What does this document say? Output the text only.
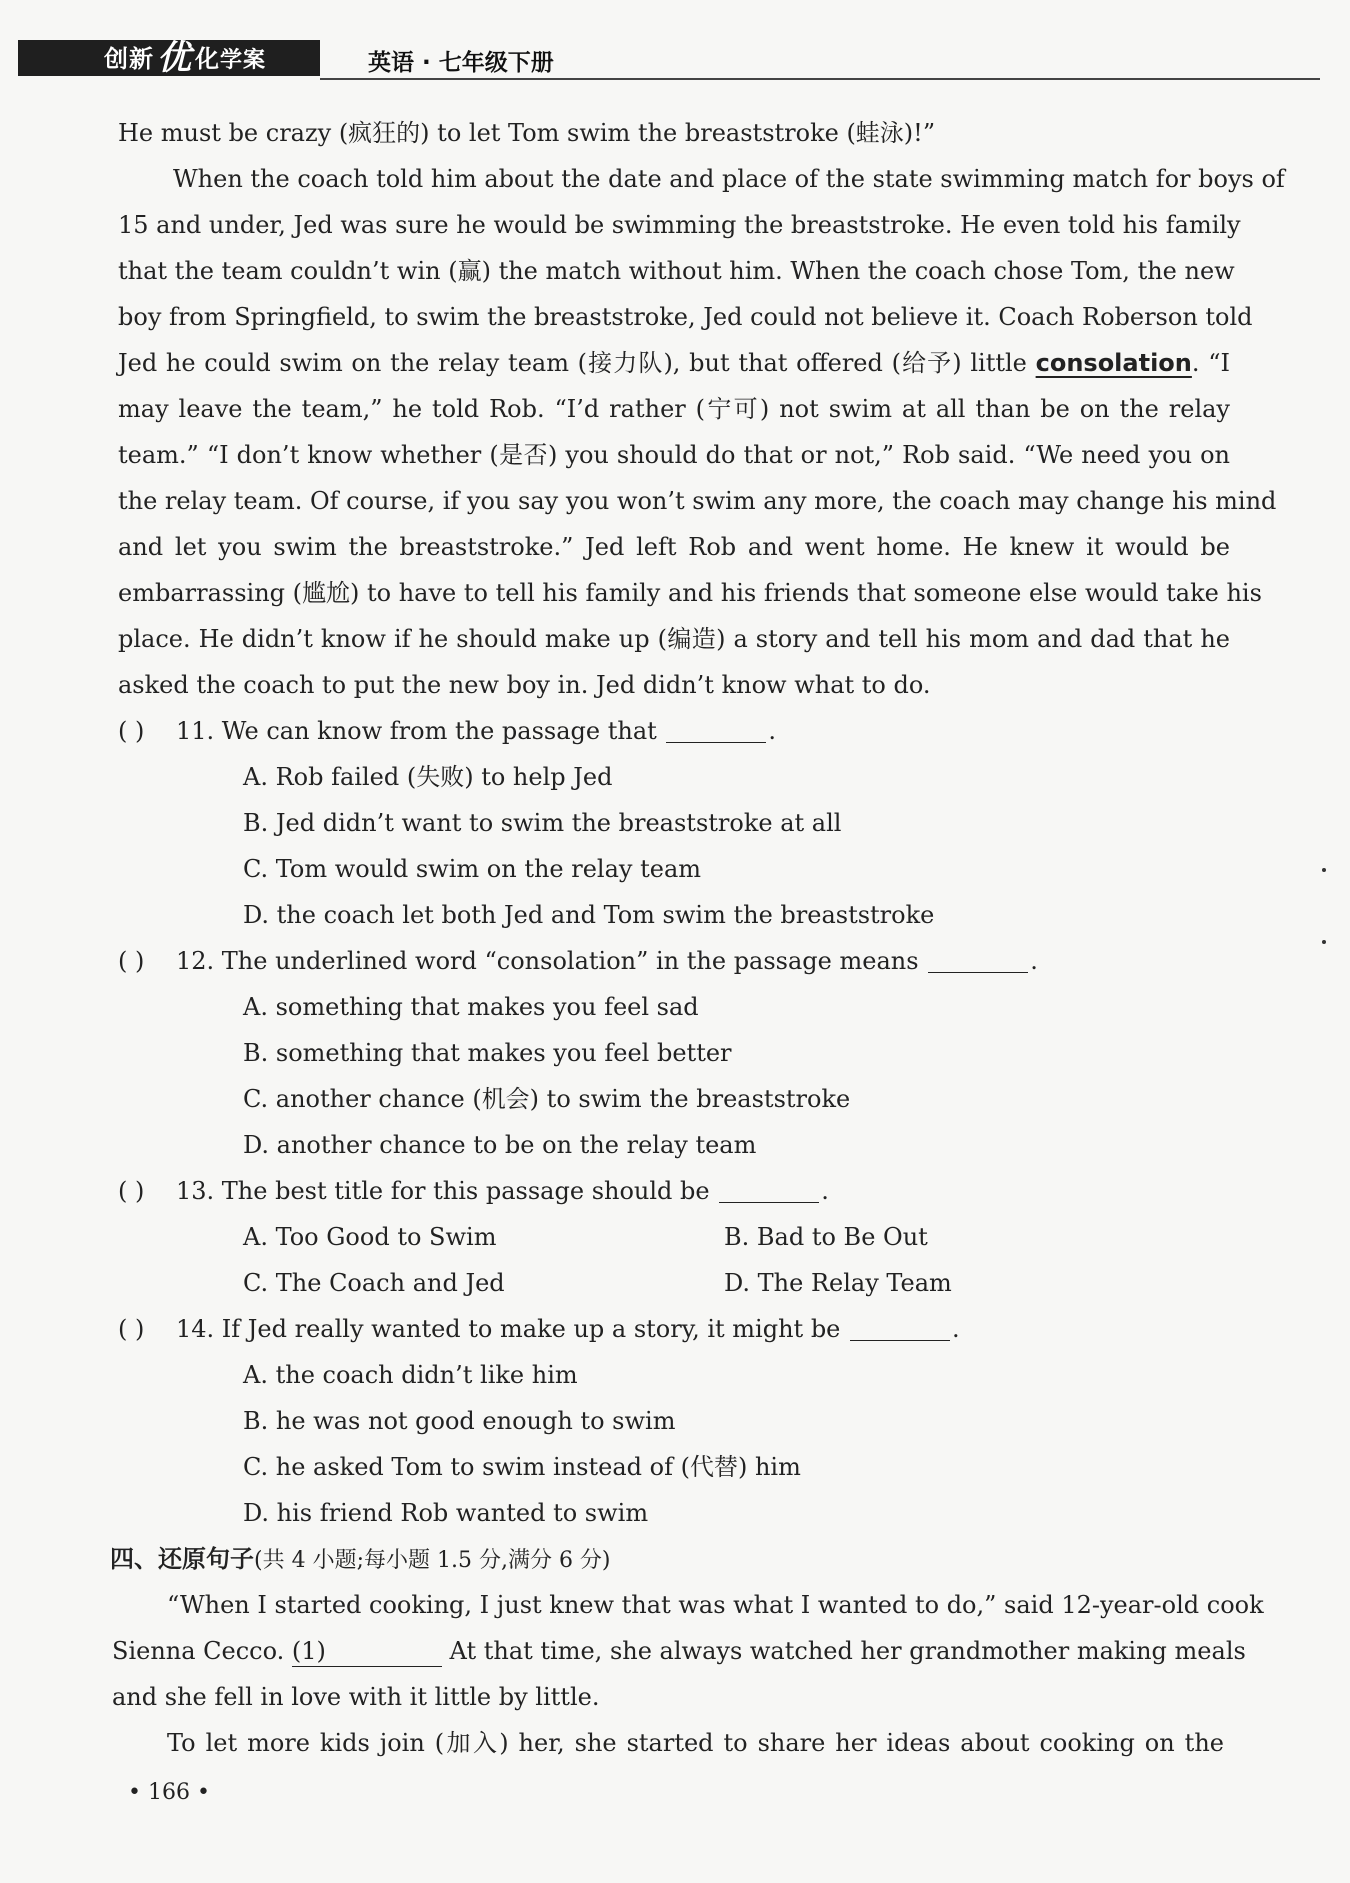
创新优 化学案	英语 · 七年级下册
He must be crazy (疯狂的) to let Tom swim the breaststroke (蛙泳)!”
When the coach told him about the date and place of the state swimming match for boys of
15 and under, Jed was sure he would be swimming the breaststroke. He even told his family
that the team couldn’t win (赢) the match without him. When the coach chose Tom, the new
boy from Springfield, to swim the breaststroke, Jed could not believe it. Coach Roberson told
Jed he could swim on the relay team (接力队), but that offered (给予) little consolation. “I
may leave the team,” he told Rob. “I’d rather (宁可) not swim at all than be on the relay
team.” “I don’t know whether (是否) you should do that or not,” Rob said. “We need you on
the relay team. Of course, if you say you won’t swim any more, the coach may change his mind
and let you swim the breaststroke.” Jed left Rob and went home. He knew it would be
embarrassing (尴尬) to have to tell his family and his friends that someone else would take his
place. He didn’t know if he should make up (编造) a story and tell his mom and dad that he
asked the coach to put the new boy in. Jed didn’t know what to do.
( ) 11. We can know from the passage that	.
A. Rob failed (失败) to help Jed
B. Jed didn’t want to swim the breaststroke at all
C. Tom would swim on the relay team
D. the coach let both Jed and Tom swim the breaststroke
( ) 12. The underlined word “consolation” in the passage means	.
A. something that makes you feel sad
B. something that makes you feel better
C. another chance (机会) to swim the breaststroke
D. another chance to be on the relay team
( ) 13. The best title for this passage should be	.
A. Too Good to Swim	B. Bad to Be Out
C. The Coach and Jed	D. The Relay Team
( ) 14. If Jed really wanted to make up a story, it might be	.
A. the coach didn’t like him
B. he was not good enough to swim
C. he asked Tom to swim instead of (代替) him
D. his friend Rob wanted to swim
四、还原句子(共 4 小题;每小题 1.5 分,满分 6 分)
“When I started cooking, I just knew that was what I wanted to do,” said 12-year-old cook
Sienna Cecco. (1)	At that time, she always watched her grandmother making meals
and she fell in love with it little by little.
To let more kids join (加入) her, she started to share her ideas about cooking on the
• 166 •
